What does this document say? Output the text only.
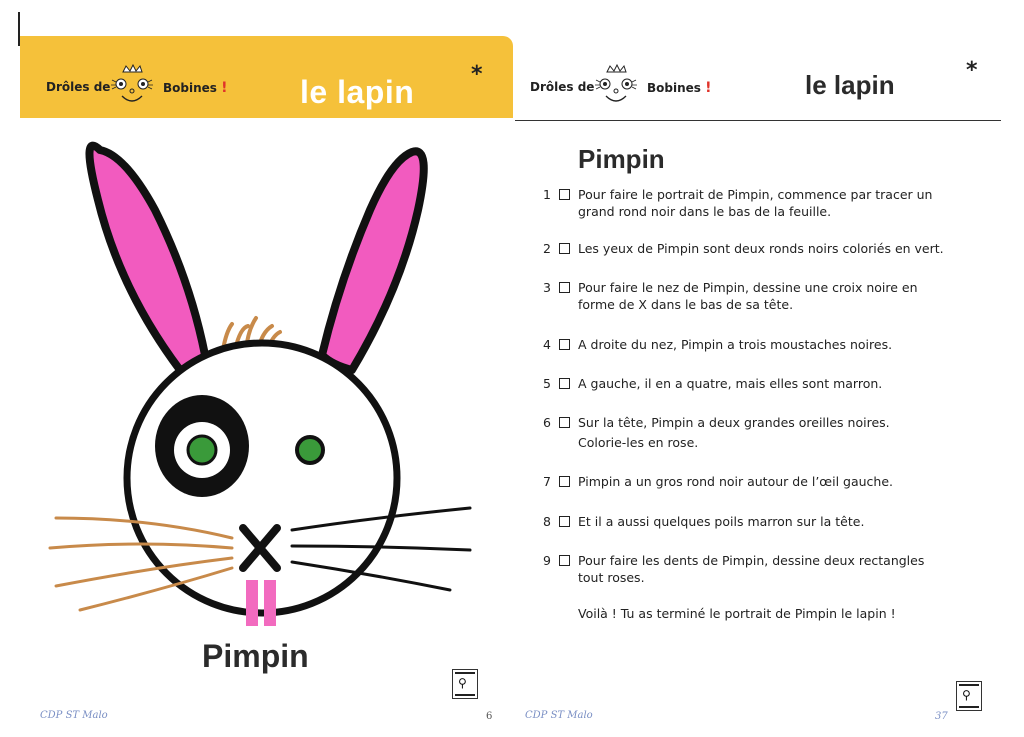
Drôles de	Bobines ! le lapin	*
Pimpin
⚲
CDP ST Malo	6
Drôles de	Bobines !	le lapin	*
Pimpin
1 Pour faire le portrait de Pimpin, commence par tracer un
grand rond noir dans le bas de la feuille.
2 Les yeux de Pimpin sont deux ronds noirs coloriés en vert.
3 Pour faire le nez de Pimpin, dessine une croix noire en
forme de X dans le bas de sa tête.
4 A droite du nez, Pimpin a trois moustaches noires.
5 A gauche, il en a quatre, mais elles sont marron.
6 Sur la tête, Pimpin a deux grandes oreilles noires.
Colorie-les en rose.
7 Pimpin a un gros rond noir autour de l’œil gauche.
8 Et il a aussi quelques poils marron sur la tête.
9 Pour faire les dents de Pimpin, dessine deux rectangles
tout roses.
Voilà ! Tu as terminé le portrait de Pimpin le lapin !
⚲
CDP ST Malo	37
